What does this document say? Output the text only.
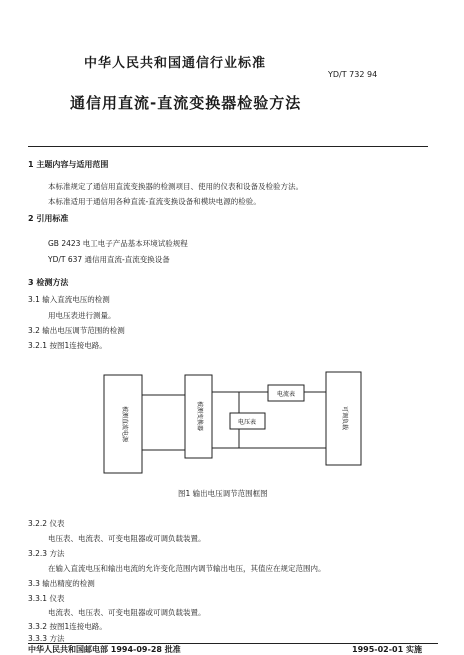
中华人民共和国通信行业标准
YD/T 732 94
通信用直流-直流变换器检验方法
1 主题内容与适用范围
本标准规定了通信用直流变换器的检测项目、使用的仪表和设备及检验方法。
本标准适用于通信用各种直流-直流变换设备和模块电源的检验。
2 引用标准
GB 2423 电工电子产品基本环境试验规程
YD/T 637 通信用直流-直流变换设备
3 检测方法
3.1 输入直流电压的检测
用电压表进行测量。
3.2 输出电压调节范围的检测
3.2.1 按图1连接电路。
被测直流电源	被测变换器
电流表
电压表	可调负载
图1 输出电压调节范围框图
3.2.2 仪表
电压表、电流表、可变电阻器或可调负载装置。
3.2.3 方法
在输入直流电压和输出电流的允许变化范围内调节输出电压，其值应在规定范围内。
3.3 输出精度的检测
3.3.1 仪表
电流表、电压表、可变电阻器或可调负载装置。
3.3.2 按图1连接电路。
3.3.3 方法
中华人民共和国邮电部 1994-09-28 批准	1995-02-01 实施
